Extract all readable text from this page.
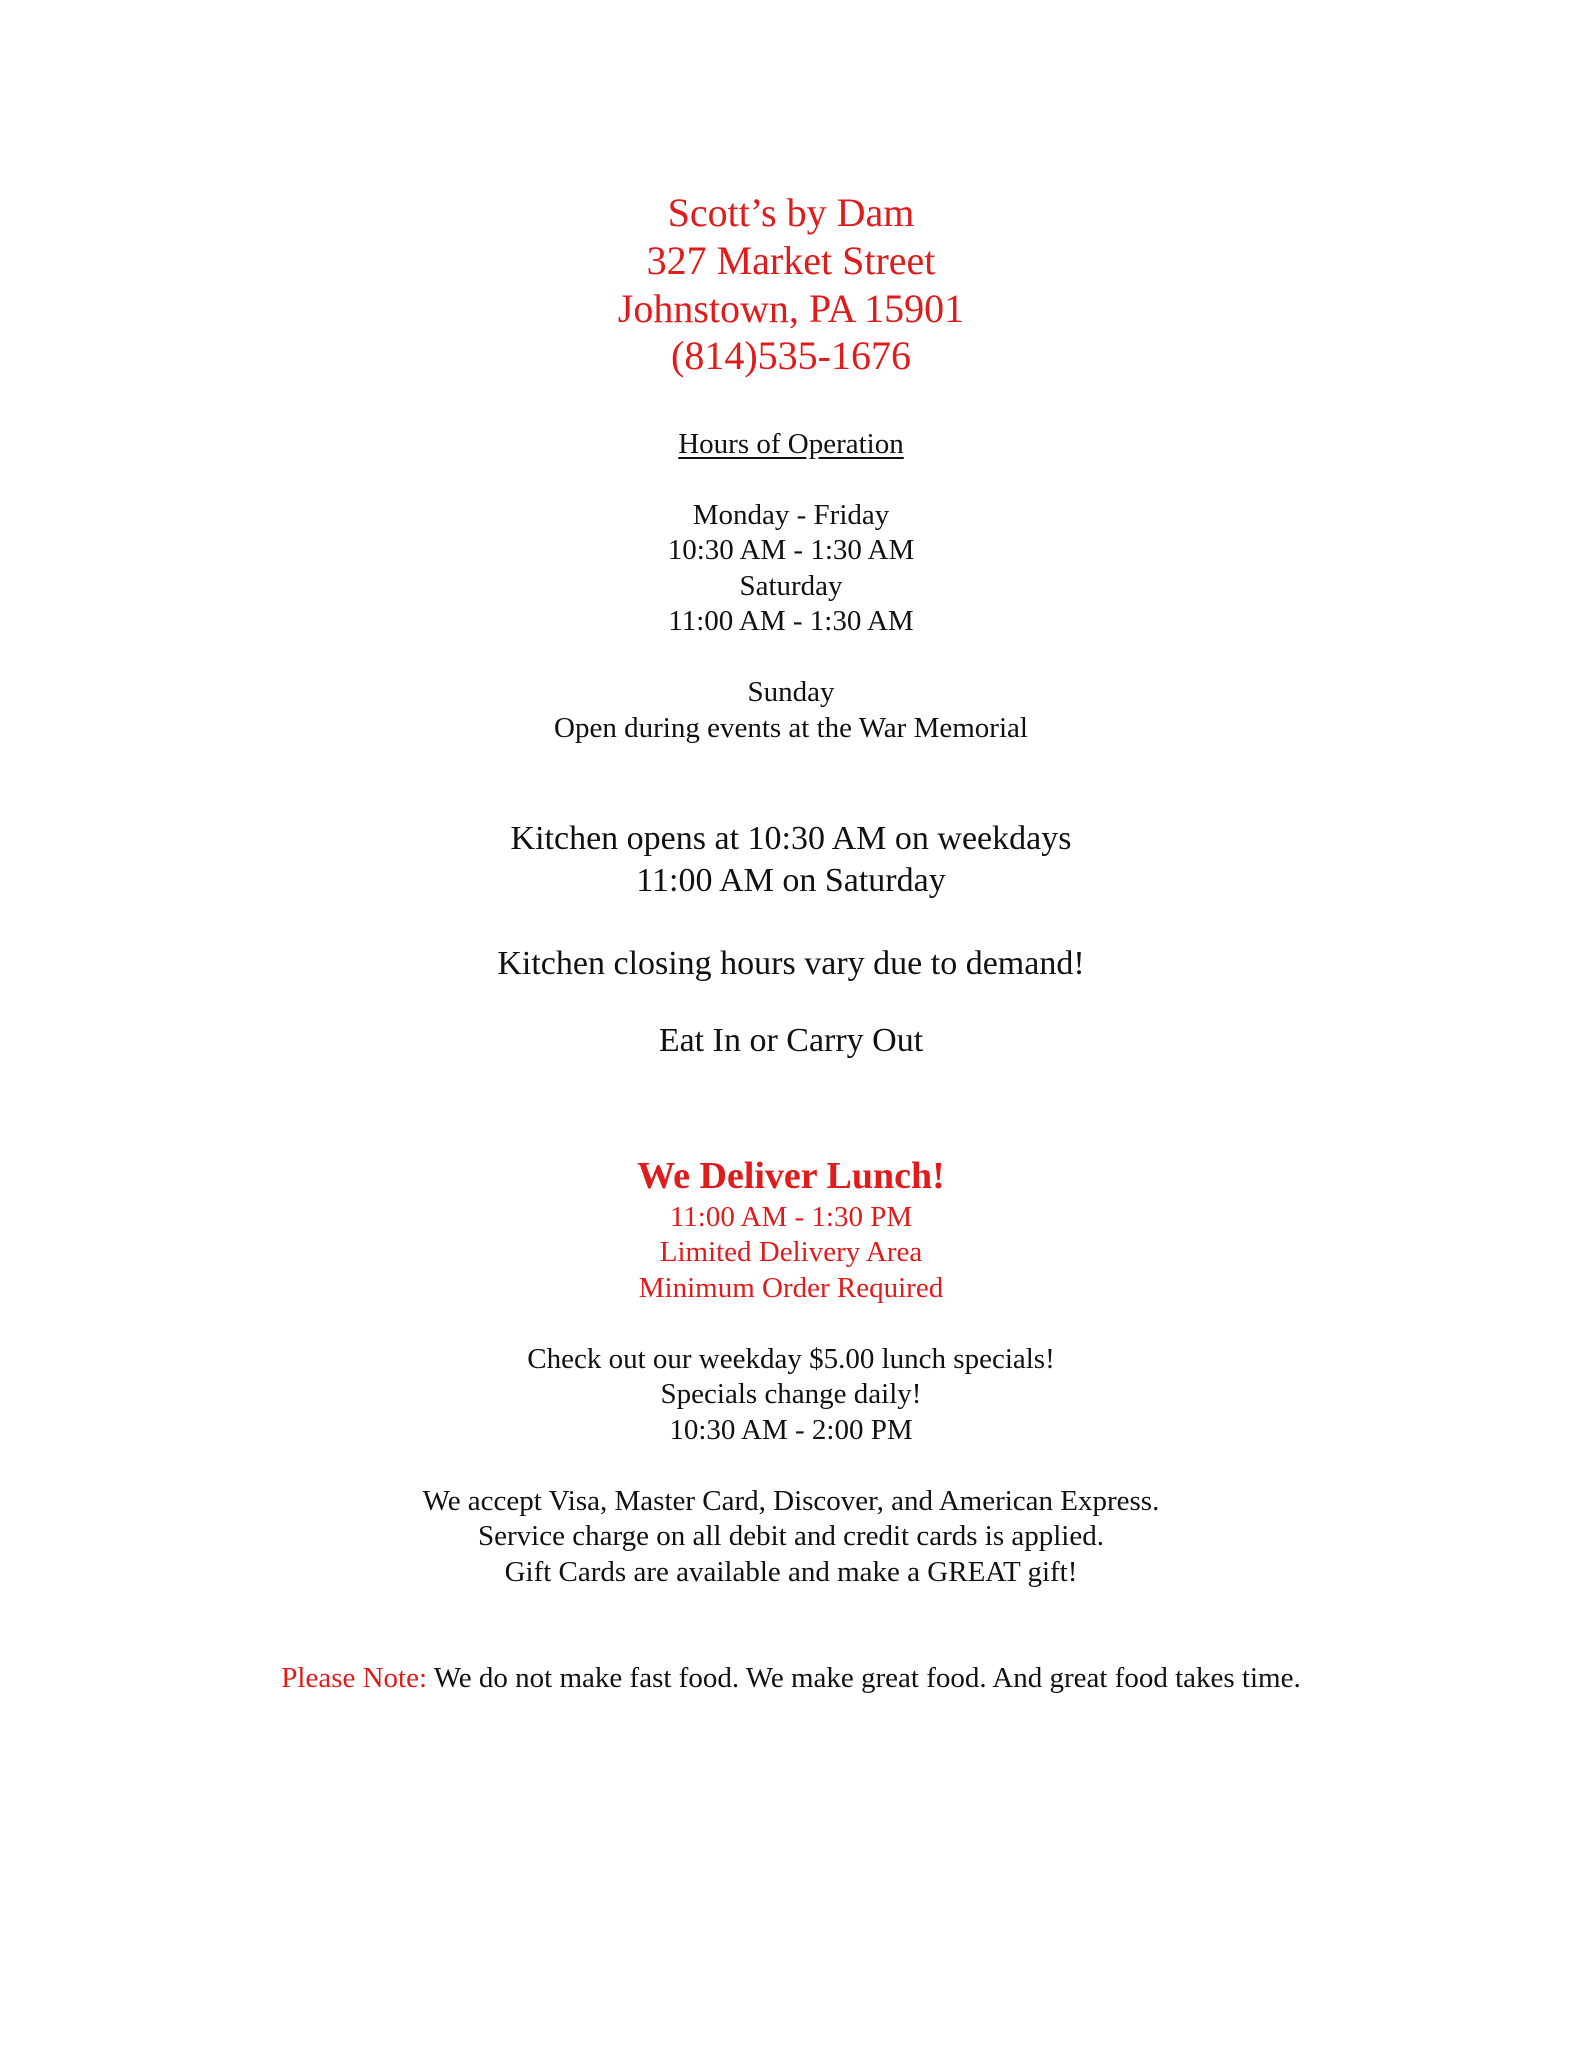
Scott’s by Dam
327 Market Street
Johnstown, PA 15901
(814)535-1676
Hours of Operation
Monday - Friday
10:30 AM - 1:30 AM
Saturday
11:00 AM - 1:30 AM
Sunday
Open during events at the War Memorial
Kitchen opens at 10:30 AM on weekdays
11:00 AM on Saturday
Kitchen closing hours vary due to demand!
Eat In or Carry Out
We Deliver Lunch!
11:00 AM - 1:30 PM
Limited Delivery Area
Minimum Order Required
Check out our weekday $5.00 lunch specials!
Specials change daily!
10:30 AM - 2:00 PM
We accept Visa, Master Card, Discover, and American Express.
Service charge on all debit and credit cards is applied.
Gift Cards are available and make a GREAT gift!
Please Note: We do not make fast food. We make great food. And great food takes time.
